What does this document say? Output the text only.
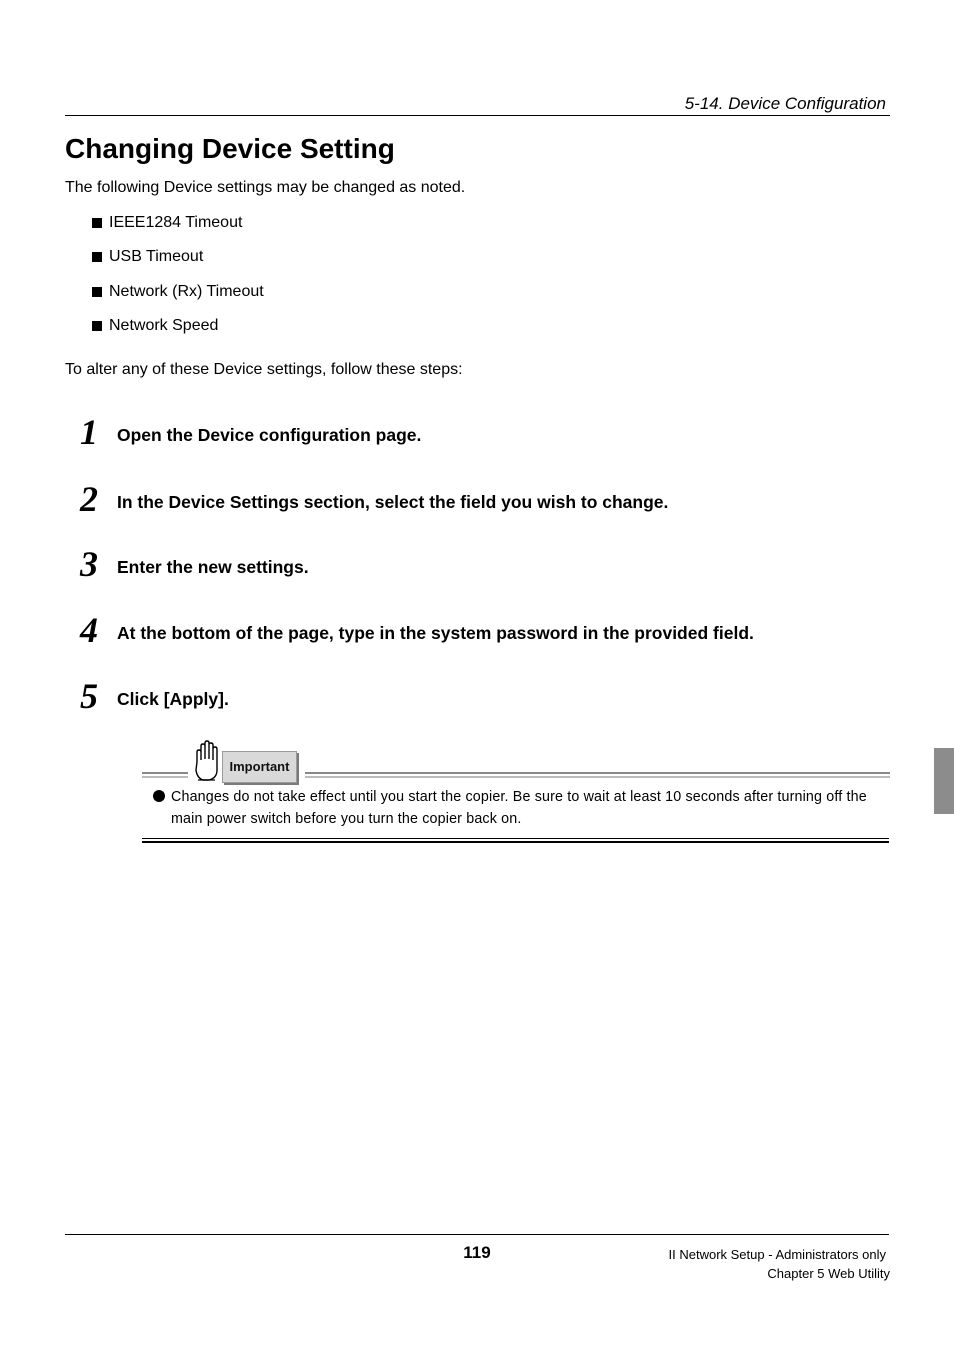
5-14. Device Configuration
Changing Device Setting
The following Device settings may be changed as noted.
IEEE1284 Timeout
USB Timeout
Network (Rx) Timeout
Network Speed
To alter any of these Device settings, follow these steps:
1 Open the Device configuration page.
2 In the Device Settings section, select the field you wish to change.
3 Enter the new settings.
4 At the bottom of the page, type in the system password in the provided field.
5 Click [Apply].
Important
Changes do not take effect until you start the copier. Be sure to wait at least 10 seconds after turning off the main power switch before you turn the copier back on.
119	II Network Setup - Administrators only
Chapter 5 Web Utility
